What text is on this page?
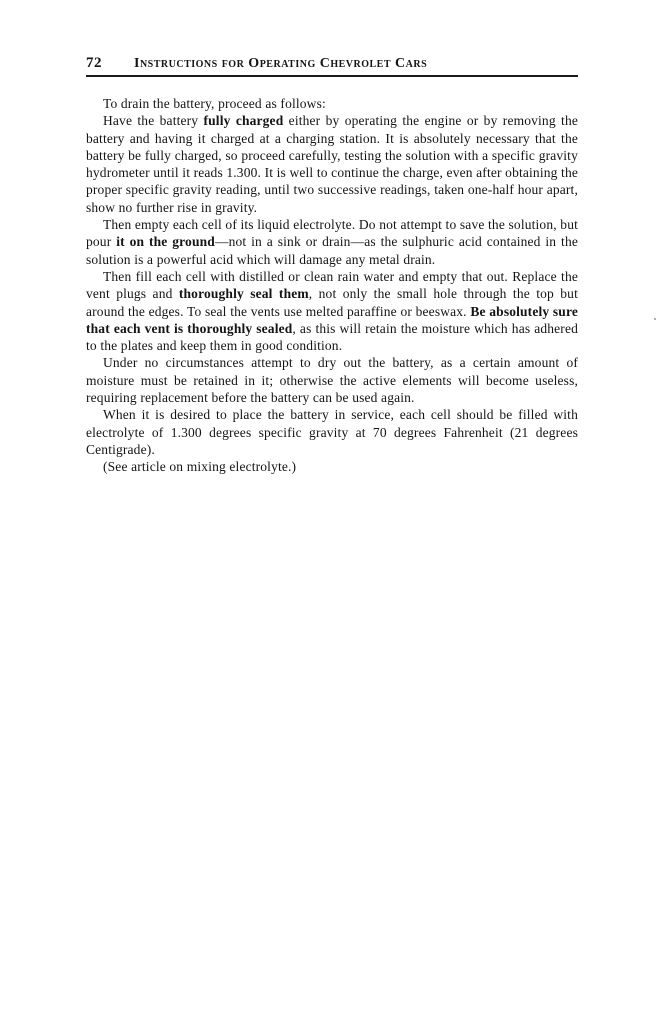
72 Instructions for Operating Chevrolet Cars

To drain the battery, proceed as follows:

Have the battery fully charged either by operating the engine or by removing the battery and having it charged at a charging station. It is absolutely necessary that the battery be fully charged, so proceed carefully, testing the solution with a specific gravity hydrometer until it reads 1.300. It is well to continue the charge, even after obtaining the proper specific gravity reading, until two successive readings, taken one-half hour apart, show no further rise in gravity.

Then empty each cell of its liquid electrolyte. Do not attempt to save the solution, but pour it on the ground—not in a sink or drain—as the sulphuric acid contained in the solution is a powerful acid which will damage any metal drain.

Then fill each cell with distilled or clean rain water and empty that out. Replace the vent plugs and thoroughly seal them, not only the small hole through the top but around the edges. To seal the vents use melted paraffine or beeswax. Be absolutely sure that each vent is thoroughly sealed, as this will retain the moisture which has adhered to the plates and keep them in good condition.

Under no circumstances attempt to dry out the battery, as a certain amount of moisture must be retained in it; otherwise the active elements will become useless, requiring replacement before the battery can be used again.

When it is desired to place the battery in service, each cell should be filled with electrolyte of 1.300 degrees specific gravity at 70 degrees Fahrenheit (21 degrees Centigrade).

(See article on mixing electrolyte.)
